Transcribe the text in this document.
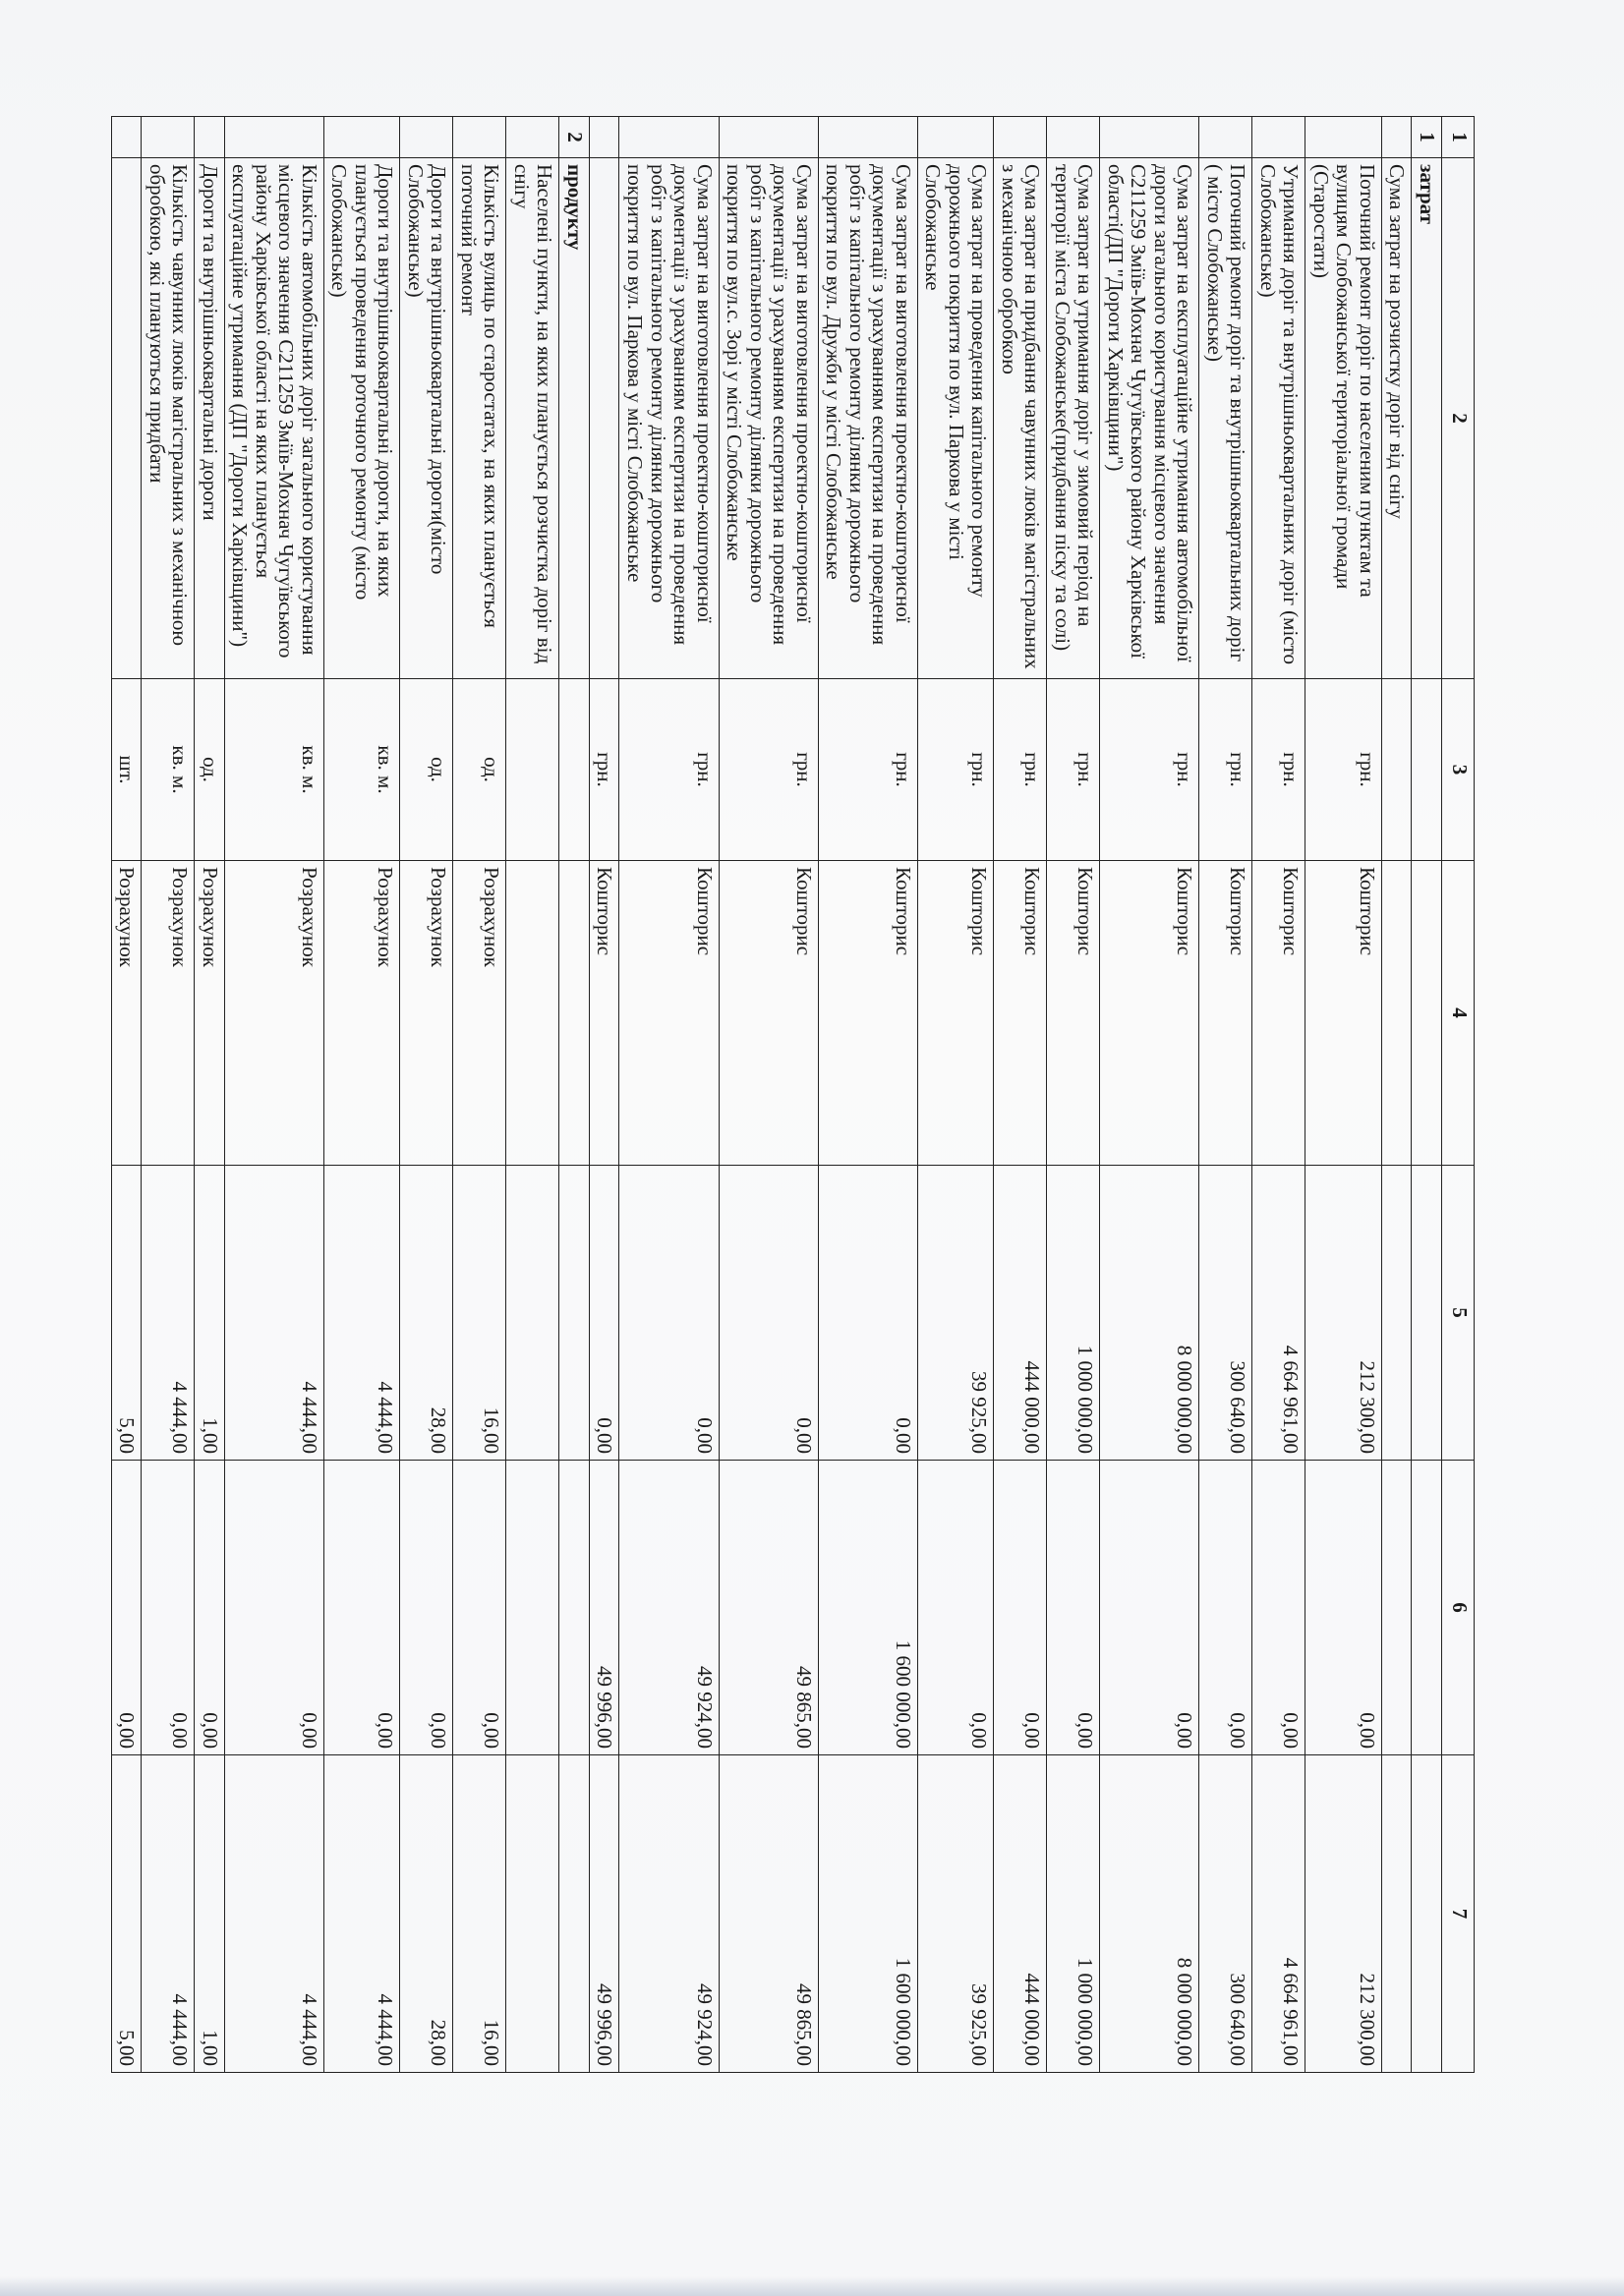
1	2	3	4	5	6	7
1	затрат					
	Сума затрат на розчистку доріг від снігу					
	Поточний ремонт доріг по населеним пунктам та вулицям Слобожанської територіальної громади (Старостати)	грн.	Кошторис	212 300,00	0,00	212 300,00
	Утримання доріг та внутрішньоквартальних доріг (місто Слобожанське)	грн.	Кошторис	4 664 961,00	0,00	4 664 961,00
	Поточний ремонт доріг та внутрішньоквартальних доріг ( місто Слобожанське)	грн.	Кошторис	300 640,00	0,00	300 640,00
	Сума затрат на експлуатаційне утримання автомобільної дороги загального користування місцевого значення С211259 Зміїв-Мохнач Чугуївського району Харківської області(ДП "Дороги Харківщини")	грн.	Кошторис	8 000 000,00	0,00	8 000 000,00
	Сума затрат на утримання доріг у зимовий період на території міста Слобожанське(придбання піску та солі)	грн.	Кошторис	1 000 000,00	0,00	1 000 000,00
	Сума затрат на придбання чавунних люків магістральних з механічною обробкою	грн.	Кошторис	444 000,00	0,00	444 000,00
	Сума затрат на проведення капітального ремонту дорожнього покриття по вул. Паркова у місті Слобожанське	грн.	Кошторис	39 925,00	0,00	39 925,00
	Сума затрат на виготовлення проектно-кошторисної документації з урахуванням експертизи на проведення робіт з капітального ремонту ділянки дорожнього покриття по вул. Дружби у місті Слобожанське	грн.	Кошторис	0,00	1 600 000,00	1 600 000,00
	Сума затрат на виготовлення проектно-кошторисної документації з урахуванням експертизи на проведення робіт з капітального ремонту ділянки дорожнього покриття по вул.с. Зорі у місті Слобожанське	грн.	Кошторис	0,00	49 865,00	49 865,00
	Сума затрат на виготовлення проектно-кошторисної документації з урахуванням експертизи на проведення робіт з капітального ремонту ділянки дорожнього покриття по вул. Паркова у місті Слобожанське	грн.	Кошторис	0,00	49 924,00	49 924,00
		грн.	Кошторис	0,00	49 996,00	49 996,00
2	продукту					
	Населені пункти, на яких планується розчистка доріг від снігу					
	Кількість вулиць по старостатах, на яких планується поточний ремонт	од.	Розрахунок	16,00	0,00	16,00
	Дороги та внутрішньоквартальні дороги(місто Слобожанське)	од.	Розрахунок	28,00	0,00	28,00
	Дороги та внутрішньоквартальні дороги, на яких планується проведення роточного ремонту (місто Слобожанське)	кв. м.	Розрахунок	4 444,00	0,00	4 444,00
	Кількість автомобільних доріг загального користування місцевого значення С211259 Зміїв-Мохнач Чугуївського району Харківської області на яких планується експлуатаційне утримання (ДП "Дороги Харківщини")	кв. м.	Розрахунок	4 444,00	0,00	4 444,00
	Дороги та внутрішньоквартальні дороги	од.	Розрахунок	1,00	0,00	1,00
	Кількість чавунних люків магістральних з механічною обробкою, які плануються придбати	кв. м.	Розрахунок	4 444,00	0,00	4 444,00
		шт.	Розрахунок	5,00	0,00	5,00
